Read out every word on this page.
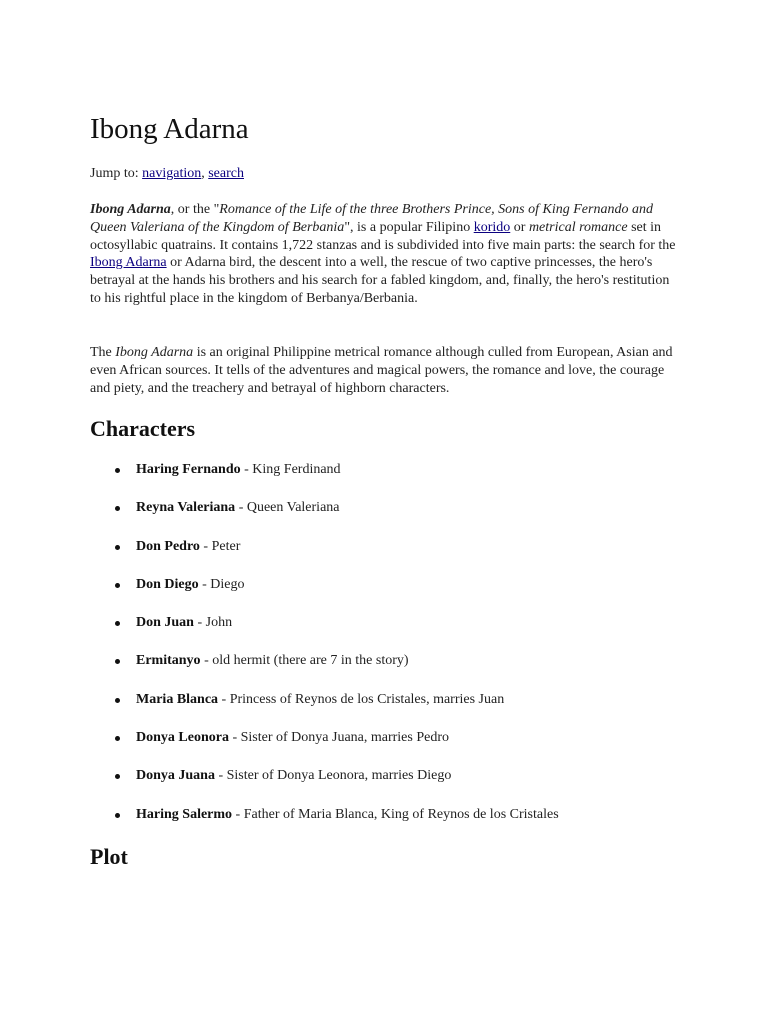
Ibong Adarna
Jump to: navigation, search

Ibong Adarna, or the "Romance of the Life of the three Brothers Prince, Sons of King Fernando and Queen Valeriana of the Kingdom of Berbania", is a popular Filipino korido or metrical romance set in octosyllabic quatrains. It contains 1,722 stanzas and is subdivided into five main parts: the search for the Ibong Adarna or Adarna bird, the descent into a well, the rescue of two captive princesses, the hero's betrayal at the hands his brothers and his search for a fabled kingdom, and, finally, the hero's restitution to his rightful place in the kingdom of Berbanya/Berbania.

The Ibong Adarna is an original Philippine metrical romance although culled from European, Asian and even African sources. It tells of the adventures and magical powers, the romance and love, the courage and piety, and the treachery and betrayal of highborn characters.

Characters
Haring Fernando - King Ferdinand
Reyna Valeriana - Queen Valeriana
Don Pedro - Peter
Don Diego - Diego
Don Juan - John
Ermitanyo - old hermit (there are 7 in the story)
Maria Blanca - Princess of Reynos de los Cristales, marries Juan
Donya Leonora - Sister of Donya Juana, marries Pedro
Donya Juana - Sister of Donya Leonora, marries Diego
Haring Salermo - Father of Maria Blanca, King of Reynos de los Cristales
Plot
